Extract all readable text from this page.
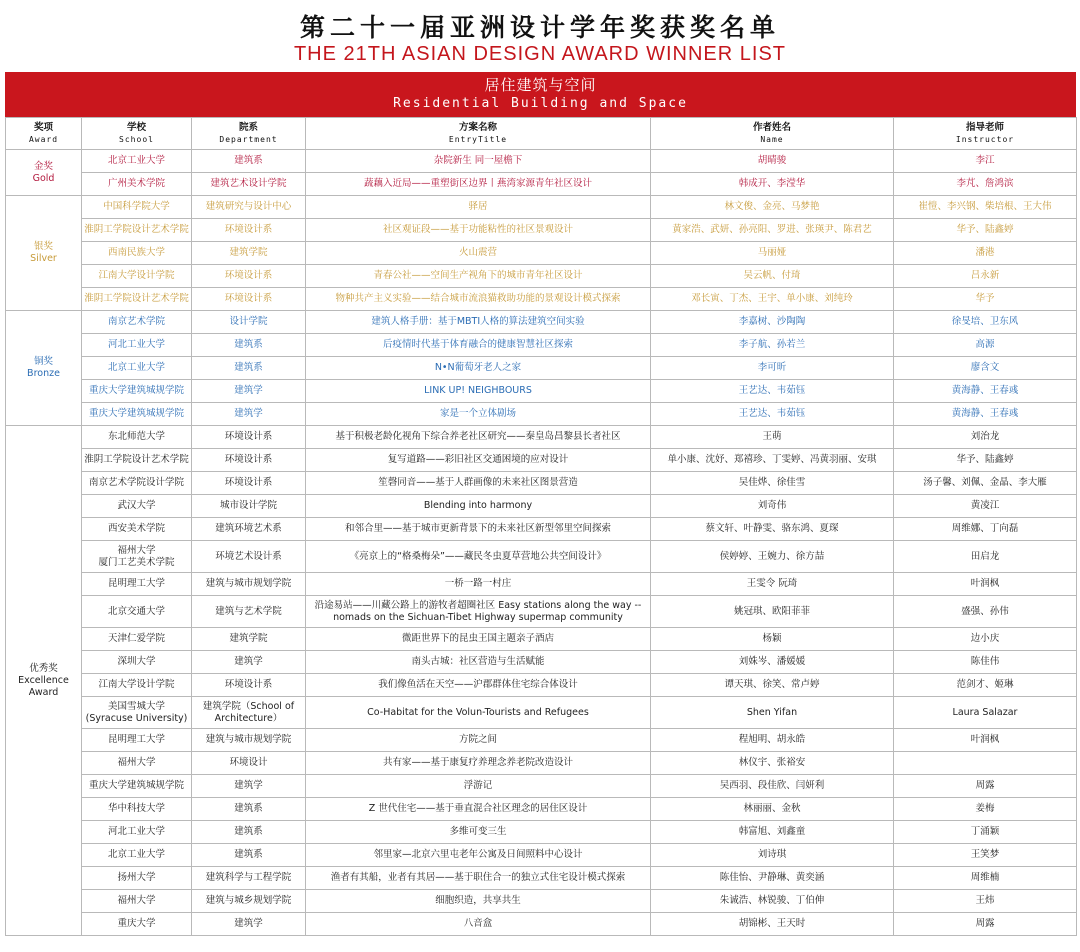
第二十一届亚洲设计学年奖获奖名单
THE 21TH ASIAN DESIGN AWARD WINNER LIST
居住建筑与空间
Residential Building and Space
奖项
Award	学校
School	院系
Department	方案名称
EntryTitle	作者姓名
Name	指导老师
Instructor

金奖
Gold	北京工业大学	建筑系	杂院新生 同一屋檐下	胡晴骏	李江
	广州美术学院	建筑艺术设计学院	蔬藕入近局——重塑街区边界丨燕湾家源青年社区设计	韩成开、李滢华	李芃、詹鸿滨

银奖
Silver	中国科学院大学	建筑研究与设计中心	驿居	林文俊、金亮、马梦艳	崔愷、李兴钢、柴培根、王大伟
	淮阴工学院设计艺术学院	环境设计系	社区观证段——基于功能粘性的社区景观设计	黄家浩、武妍、孙亮阳、罗进、张瑛尹、陈君艺	华予、陆鑫婷
	西南民族大学	建筑学院	火山震营	马丽娅	潘港
	江南大学设计学院	环境设计系	青春公社——空间生产视角下的城市青年社区设计	吴云帆、付琦	吕永新
	淮阴工学院设计艺术学院	环境设计系	物种共产主义实验——结合城市流浪猫救助功能的景观设计模式探索	邓长寅、丁杰、王宇、单小康、刘纯玲	华予

铜奖
Bronze	南京艺术学院	设计学院	建筑人格手册：基于MBTI人格的算法建筑空间实验	李嘉树、沙陶陶	徐旻培、卫东风
	河北工业大学	建筑系	后疫情时代基于体育融合的健康智慧社区探索	李子航、孙若兰	高源
	北京工业大学	建筑系	N•N葡萄牙老人之家	李可昕	廖含文
	重庆大学建筑城规学院	建筑学	LINK UP! NEIGHBOURS	王艺达、韦茹钰	黄海静、王春彧
	重庆大学建筑城规学院	建筑学	家是一个立体剧场	王艺达、韦茹钰	黄海静、王春彧

优秀奖
Excellence
Award	东北师范大学	环境设计系	基于积极老龄化视角下综合养老社区研究——秦皇岛昌黎县长者社区	王萌	刘治龙
	淮阴工学院设计艺术学院	环境设计系	复写道路——彩旧社区交通困境的应对设计	单小康、沈妤、郑禧珍、丁雯婷、冯黄羽丽、安琪	华予、陆鑫婷
	南京艺术学院设计学院	环境设计系	笙磬同音——基于人群画像的未来社区图景营造	吴佳烨、徐佳雪	汤子馨、刘佩、金晶、李大雁
	武汉大学	城市设计学院	Blending into harmony	刘奇伟	黄凌江
	西安美术学院	建筑环境艺术系	和邻合里——基于城市更新背景下的未来社区新型邻里空间探索	蔡文轩、叶静雯、骆东鸿、夏琛	周维娜、丁向磊

	福州大学
厦门工艺美术学院	环境艺术设计系	《亮京上的“格桑梅朵”——藏民冬虫夏草营地公共空间设计》	侯婷婷、王婉力、徐方喆	田启龙
	昆明理工大学	建筑与城市规划学院	一桥一路一村庄	王雯令 阮琦	叶润枫
	北京交通大学	建筑与艺术学院	沿途易站——川藏公路上的游牧者超圈社区 Easy stations along the way --
nomads on the Sichuan-Tibet Highway supermap community	姚冠琪、欧阳菲菲	盛强、孙伟
	天津仁爱学院	建筑学院	微距世界下的昆虫王国主题亲子酒店	杨颖	边小庆
	深圳大学	建筑学	南头古城：社区营造与生活赋能	刘姝岑、潘媛媛	陈佳伟
	江南大学设计学院	环境设计系	我们像鱼活在天空——沪郡群体住宅综合体设计	谭天琪、徐笑、常卢婷	范剑才、姬琳

	美国雪城大学
(Syracuse University)	建筑学院（School of
Architecture）	Co-Habitat for the Volun-Tourists and Refugees	Shen Yifan	Laura Salazar
	昆明理工大学	建筑与城市规划学院	方院之间	程旭明、胡永皓	叶润枫
	福州大学	环境设计	共有家——基于康复疗养理念养老院改造设计	林仪宇、张裕安	
	重庆大学建筑城规学院	建筑学	浮游记	吴西羽、段佳欣、闫妍利	周露
	华中科技大学	建筑系	Z 世代住宅——基于垂直混合社区理念的居住区设计	林丽丽、金秋	姜梅
	河北工业大学	建筑系	多维可变三生	韩富旭、刘鑫童	丁涌颖
	北京工业大学	建筑系	邻里家—北京六里屯老年公寓及日间照料中心设计	刘诗琪	王笑梦
	扬州大学	建筑科学与工程学院	渔者有其船，业者有其居——基于职住合一的独立式住宅设计模式探索	陈佳怡、尹静琳、黄奕涵	周维楠
	福州大学	建筑与城乡规划学院	细胞织造，共享共生	朱诚浩、林锐骏、丁伯伸	王炜
	重庆大学	建筑学	八音盒	胡锦彬、王天时	周露
